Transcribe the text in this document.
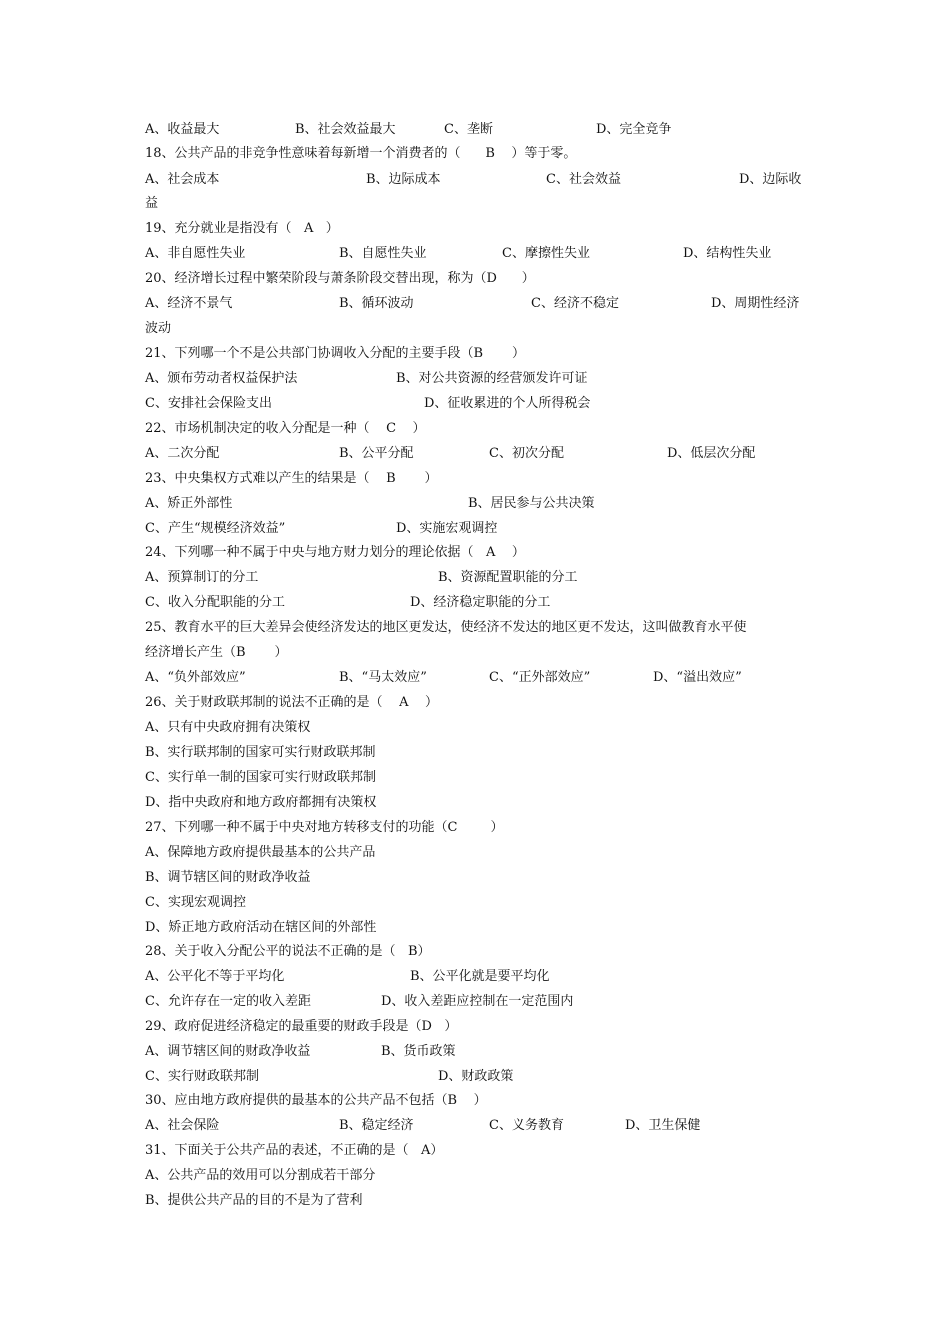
A、收益最大	B、社会效益最大	C、垄断	D、完全竞争
18、公共产品的非竞争性意味着每新增一个消费者的（      B    ）等于零。
A、社会成本	B、边际成本	C、社会效益	D、边际收
益
19、充分就业是指没有（   A   ）
A、非自愿性失业	B、自愿性失业	C、摩擦性失业	D、结构性失业
20、经济增长过程中繁荣阶段与萧条阶段交替出现，称为（D      ）
A、经济不景气	B、循环波动	C、经济不稳定	D、周期性经济
波动
21、下列哪一个不是公共部门协调收入分配的主要手段（B       ）
A、颁布劳动者权益保护法	B、对公共资源的经营颁发许可证
C、安排社会保险支出	D、征收累进的个人所得税会
22、市场机制决定的收入分配是一种（    C    ）
A、二次分配	B、公平分配	C、初次分配	D、低层次分配
23、中央集权方式难以产生的结果是（    B       ）
A、矫正外部性	B、居民参与公共决策
C、产生“规模经济效益”	D、实施宏观调控
24、下列哪一种不属于中央与地方财力划分的理论依据（   A    ）
A、预算制订的分工	B、资源配置职能的分工
C、收入分配职能的分工	D、经济稳定职能的分工
25、教育水平的巨大差异会使经济发达的地区更发达，使经济不发达的地区更不发达，这叫做教育水平使
经济增长产生（B       ）
A、“负外部效应”	B、“马太效应”	C、“正外部效应”	D、“溢出效应”
26、关于财政联邦制的说法不正确的是（    A    ）
A、只有中央政府拥有决策权
B、实行联邦制的国家可实行财政联邦制
C、实行单一制的国家可实行财政联邦制
D、指中央政府和地方政府都拥有决策权
27、下列哪一种不属于中央对地方转移支付的功能（C        ）
A、保障地方政府提供最基本的公共产品
B、调节辖区间的财政净收益
C、实现宏观调控
D、矫正地方政府活动在辖区间的外部性
28、关于收入分配公平的说法不正确的是（   B）
A、公平化不等于平均化	B、公平化就是要平均化
C、允许存在一定的收入差距	D、收入差距应控制在一定范围内
29、政府促进经济稳定的最重要的财政手段是（D   ）
A、调节辖区间的财政净收益	B、货币政策
C、实行财政联邦制	D、财政政策
30、应由地方政府提供的最基本的公共产品不包括（B    ）
A、社会保险	B、稳定经济	C、义务教育	D、卫生保健
31、下面关于公共产品的表述，不正确的是（   A）
A、公共产品的效用可以分割成若干部分
B、提供公共产品的目的不是为了营利
